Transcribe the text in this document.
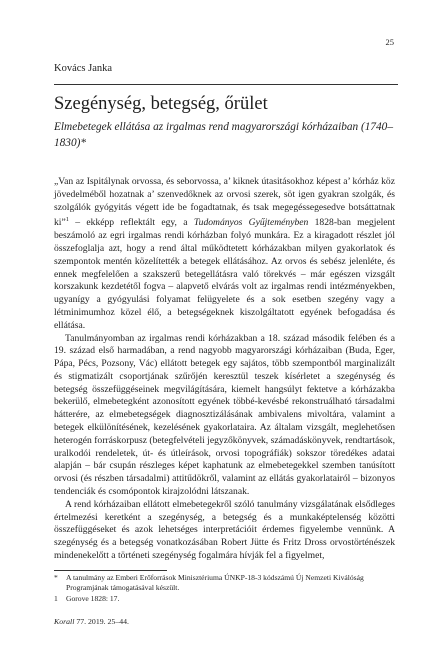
25
Kovács Janka
Szegénység, betegség, őrület
Elmebetegek ellátása az irgalmas rend magyarországi kórházaiban (1740–1830)*

„Van az Ispitálynak orvossa, és seborvossa, a’ kiknek útasitásokhoz képest a’ kórház köz jövedelméből hozatnak a’ szenvedőknek az orvosi szerek, söt igen gyakran szolgák, és szolgálók gyógyitás végett ide be fogadtatnak, és tsak megegéssegesedve botsáttatnak ki”$^1$ – ekképp reflektált egy, a Tudományos Gyűjteményben 1828-ban megjelent beszámoló az egri irgalmas rendi kórházban folyó munkára. Ez a kiragadott részlet jól összefoglalja azt, hogy a rend által működtetett kórházakban milyen gyakorlatok és szempontok mentén közelítették a betegek ellátásához. Az orvos és sebész jelenléte, és ennek megfelelően a szakszerű betegellátásra való törekvés – már egészen vizsgált korszakunk kezdetétől fogva – alapvető elvárás volt az irgalmas rendi intézményekben, ugyanígy a gyógyulási folyamat felügyelete és a sok esetben szegény vagy a létminimumhoz közel élő, a betegségeknek kiszolgáltatott egyének befogadása és ellátása.

Tanulmányomban az irgalmas rendi kórházakban a 18. század második felében és a 19. század első harmadában, a rend nagyobb magyarországi kórházaiban (Buda, Eger, Pápa, Pécs, Pozsony, Vác) ellátott betegek egy sajátos, több szempontból marginalizált és stigmatizált csoportjának szűrőjén keresztül teszek kísérletet a szegénység és betegség összefüggéseinek megvilágítására, kiemelt hangsúlyt fektetve a kórházakba bekerülő, elmebetegként azonosított egyének többé-kevésbé rekonstruálható társadalmi hátterére, az elmebetegségek diagnosztizálásának ambivalens mivoltára, valamint a betegek elkülönítésének, kezelésének gyakorlataira. Az általam vizsgált, meglehetősen heterogén forráskorpusz (betegfelvételi jegyzőkönyvek, számadáskönyvek, rendtartások, uralkodói rendeletek, út- és útleírások, orvosi topográfiák) sokszor töredékes adatai alapján – bár csupán részleges képet kaphatunk az elmebetegekkel szemben tanúsított orvosi (és részben társadalmi) attitűdökről, valamint az ellátás gyakorlatairól – bizonyos tendenciák és csomópontok kirajzolódni látszanak.

A rend kórházaiban ellátott elmebetegekről szóló tanulmány vizsgálatának elsődleges értelmezési keretként a szegénység, a betegség és a munkaképtelenség közötti összefüggéseket és azok lehetséges interpretációit érdemes figyelembe vennünk. A szegénység és a betegség vonatkozásában Robert Jütte és Fritz Dross orvostörténészek mindenekelőtt a történeti szegénység fogalmára hívják fel a figyelmet,

*	A tanulmány az Emberi Erőforrások Minisztériuma ÚNKP-18-3 kódszámú Új Nemzeti Kiválóság Programjának támogatásával készült.
1	Gorove 1828: 17.
Korall 77. 2019. 25–44.
